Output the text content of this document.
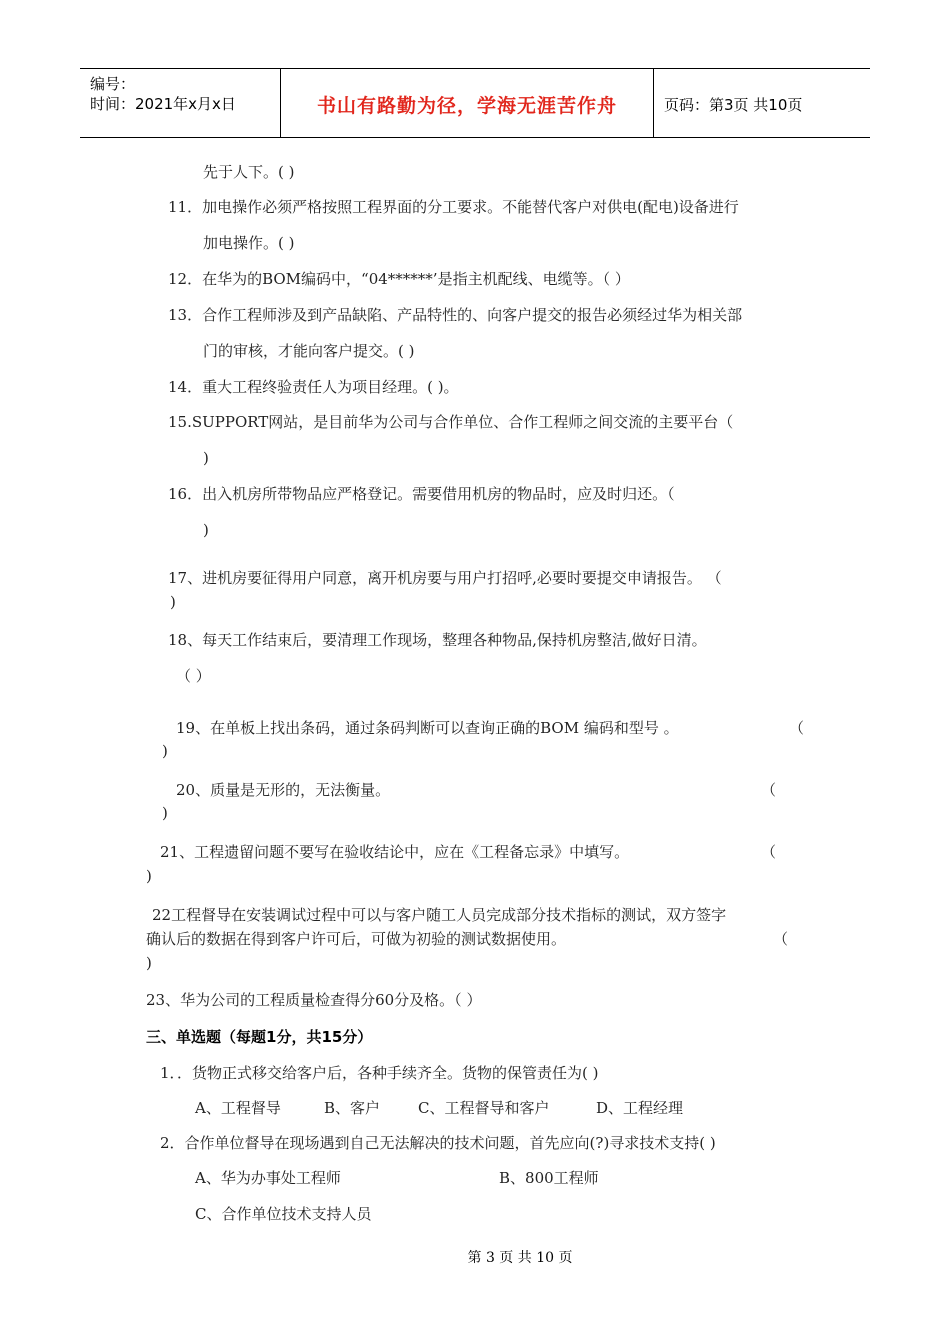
编号：
时间：2021年x月x日	书山有路勤为径，学海无涯苦作舟	页码：第3页 共10页
先于人下。( )
11．加电操作必须严格按照工程界面的分工要求。不能替代客户对供电(配电)设备进行
加电操作。( )
12．在华为的BOM编码中，“04******’是指主机配线、电缆等。（ ）
13．合作工程师涉及到产品缺陷、产品特性的、向客户提交的报告必须经过华为相关部
门的审核，才能向客户提交。( )
14．重大工程终验责任人为项目经理。( )。
15.SUPPORT网站，是目前华为公司与合作单位、合作工程师之间交流的主要平台（
)
16．出入机房所带物品应严格登记。需要借用机房的物品时，应及时归还。（
)
17、进机房要征得用户同意，离开机房要与用户打招呼,必要时要提交申请报告。 （
)
18、每天工作结束后，要清理工作现场，整理各种物品,保持机房整洁,做好日清。
（ ）
19、在单板上找出条码，通过条码判断可以查询正确的BOM 编码和型号 。	（
)
20、质量是无形的，无法衡量。	（
)
21、工程遗留问题不要写在验收结论中，应在《工程备忘录》中填写。	（
)
22工程督导在安装调试过程中可以与客户随工人员完成部分技术指标的测试，双方签字
确认后的数据在得到客户许可后，可做为初验的测试数据使用。	（
)
23、华为公司的工程质量检查得分60分及格。（ ）
三、单选题（每题1分，共15分）
1．．货物正式移交给客户后，各种手续齐全。货物的保管责任为( )
A、工程督导	B、客户	C、工程督导和客户	D、工程经理
2．合作单位督导在现场遇到自己无法解决的技术问题，首先应向(?)寻求技术支持( )
A、华为办事处工程师	B、800工程师
C、合作单位技术支持人员
第 3 页 共 10 页
